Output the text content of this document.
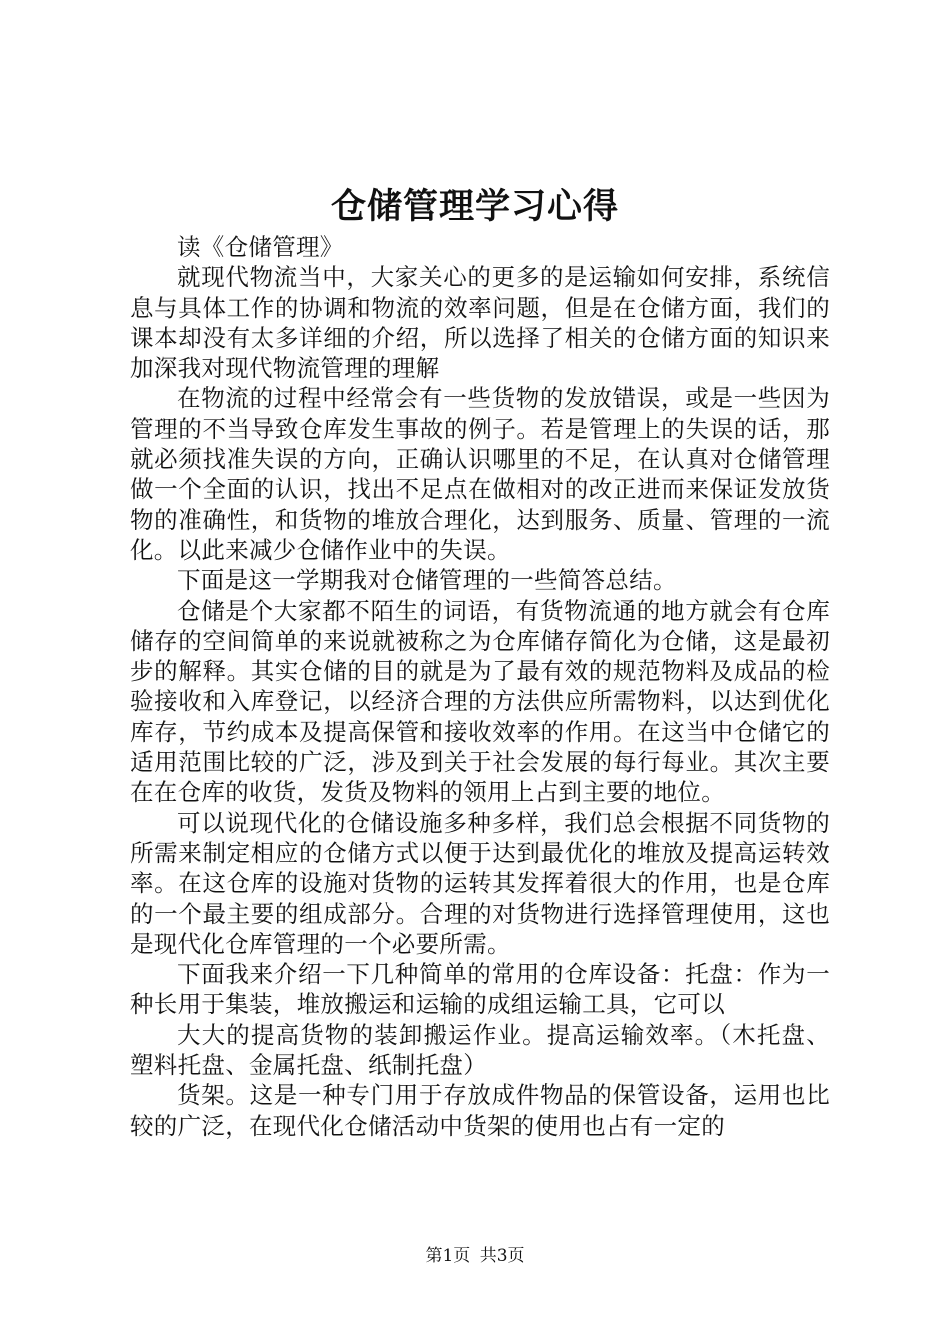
仓储管理学习心得

读《仓储管理》

就现代物流当中，大家关心的更多的是运输如何安排，系统信息与具体工作的协调和物流的效率问题，但是在仓储方面，我们的课本却没有太多详细的介绍，所以选择了相关的仓储方面的知识来加深我对现代物流管理的理解

在物流的过程中经常会有一些货物的发放错误，或是一些因为管理的不当导致仓库发生事故的例子。若是管理上的失误的话，那就必须找准失误的方向，正确认识哪里的不足，在认真对仓储管理做一个全面的认识，找出不足点在做相对的改正进而来保证发放货物的准确性，和货物的堆放合理化，达到服务、质量、管理的一流化。以此来减少仓储作业中的失误。

下面是这一学期我对仓储管理的一些简答总结。

仓储是个大家都不陌生的词语，有货物流通的地方就会有仓库储存的空间简单的来说就被称之为仓库储存简化为仓储，这是最初步的解释。其实仓储的目的就是为了最有效的规范物料及成品的检验接收和入库登记，以经济合理的方法供应所需物料，以达到优化库存，节约成本及提高保管和接收效率的作用。在这当中仓储它的适用范围比较的广泛，涉及到关于社会发展的每行每业。其次主要在在仓库的收货，发货及物料的领用上占到主要的地位。

可以说现代化的仓储设施多种多样，我们总会根据不同货物的所需来制定相应的仓储方式以便于达到最优化的堆放及提高运转效率。在这仓库的设施对货物的运转其发挥着很大的作用，也是仓库的一个最主要的组成部分。合理的对货物进行选择管理使用，这也是现代化仓库管理的一个必要所需。

下面我来介绍一下几种简单的常用的仓库设备：托盘：作为一种长用于集装，堆放搬运和运输的成组运输工具，它可以

大大的提高货物的装卸搬运作业。提高运输效率。（木托盘、塑料托盘、金属托盘、纸制托盘）

货架。这是一种专门用于存放成件物品的保管设备，运用也比较的广泛，在现代化仓储活动中货架的使用也占有一定的

第1页 共3页
